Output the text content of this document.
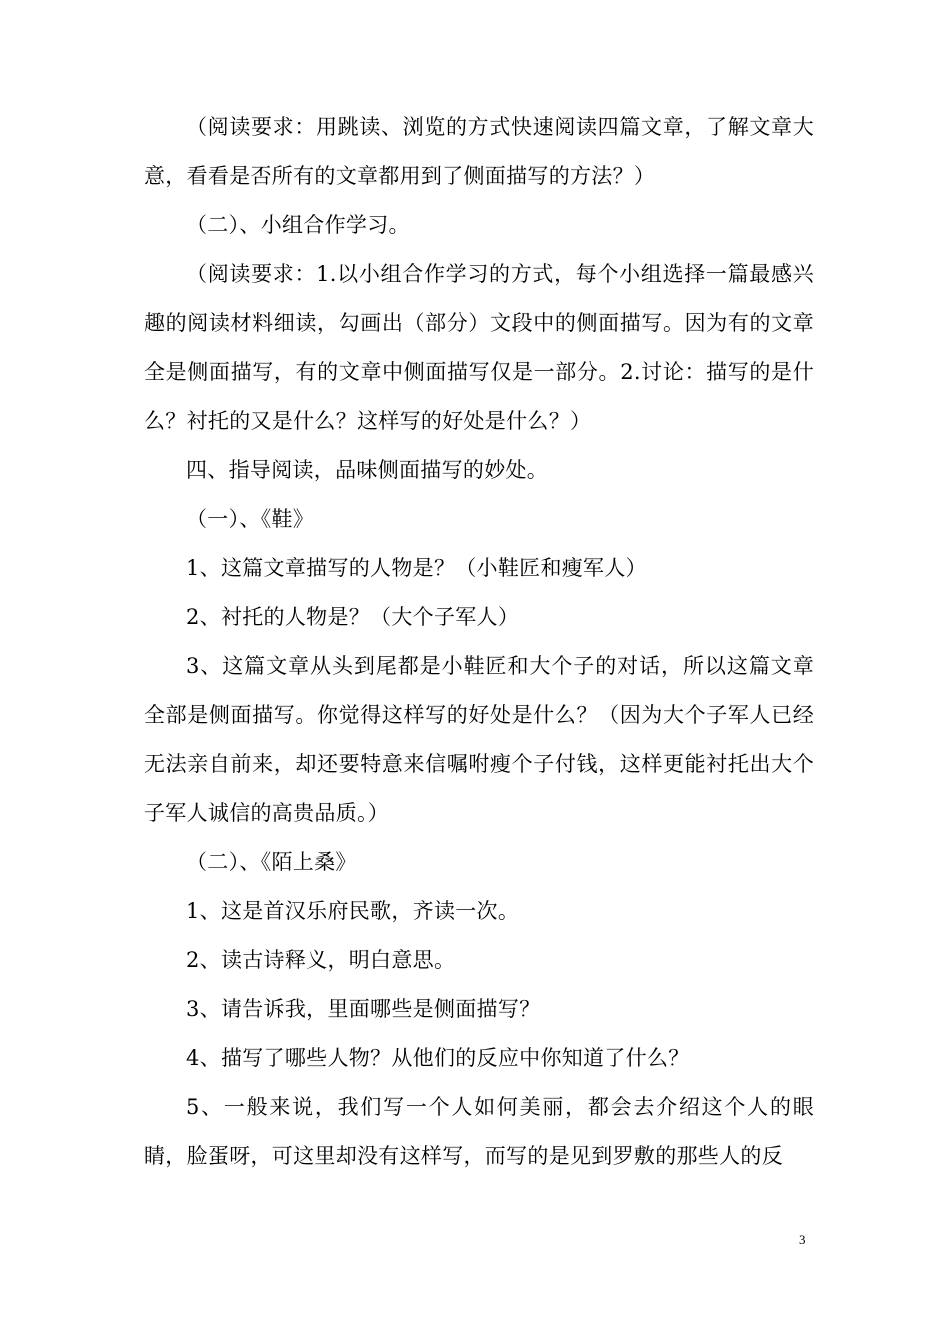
（阅读要求：用跳读、浏览的方式快速阅读四篇文章，了解文章大意，看看是否所有的文章都用到了侧面描写的方法？）

（二）、小组合作学习。

（阅读要求：1.以小组合作学习的方式，每个小组选择一篇最感兴趣的阅读材料细读，勾画出（部分）文段中的侧面描写。因为有的文章全是侧面描写，有的文章中侧面描写仅是一部分。2.讨论：描写的是什么？衬托的又是什么？这样写的好处是什么？）

四、指导阅读，品味侧面描写的妙处。

（一）、《鞋》

1、这篇文章描写的人物是？（小鞋匠和瘦军人）

2、衬托的人物是？（大个子军人）

3、这篇文章从头到尾都是小鞋匠和大个子的对话，所以这篇文章全部是侧面描写。你觉得这样写的好处是什么？（因为大个子军人已经无法亲自前来，却还要特意来信嘱咐瘦个子付钱，这样更能衬托出大个子军人诚信的高贵品质。）

（二）、《陌上桑》

1、这是首汉乐府民歌，齐读一次。

2、读古诗释义，明白意思。

3、请告诉我，里面哪些是侧面描写？

4、描写了哪些人物？从他们的反应中你知道了什么？

5、一般来说，我们写一个人如何美丽，都会去介绍这个人的眼睛，脸蛋呀，可这里却没有这样写，而写的是见到罗敷的那些人的反

3
